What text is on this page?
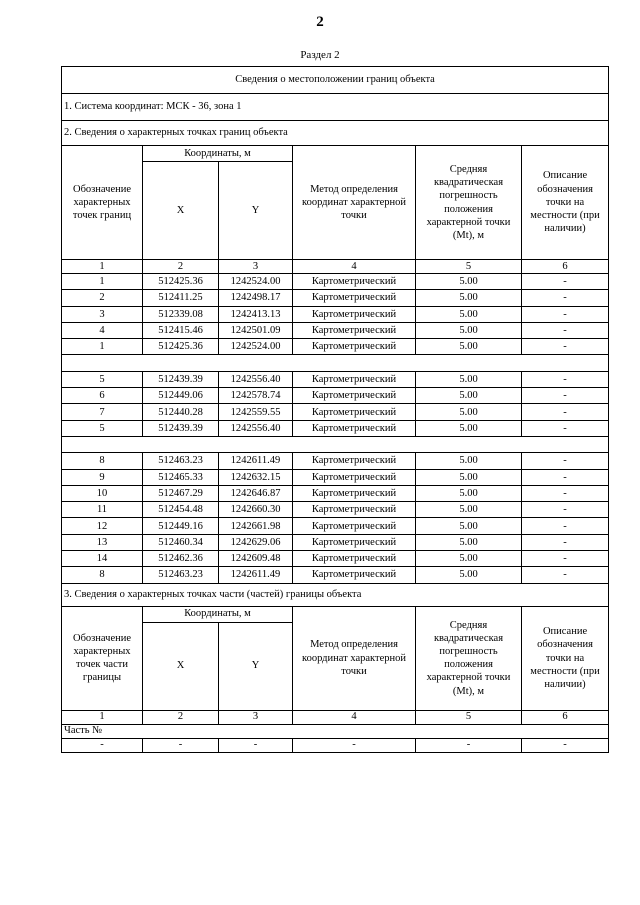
2
Раздел 2
Сведения о местоположении границ объекта					
1. Система координат: МСК - 36, зона 1					
2. Сведения о характерных точках границ объекта					
Обозначение характерных точек границ	Координаты, м		Метод определения координат характерной точки	Средняя квадратическая погрешность положения характерной точки (Mt), м	Описание обозначения точки на местности (при наличии)
	X	Y			
1	2	3	4	5	6
1	512425.36	1242524.00	Картометрический	5.00	-
2	512411.25	1242498.17	Картометрический	5.00	-
3	512339.08	1242413.13	Картометрический	5.00	-
4	512415.46	1242501.09	Картометрический	5.00	-
1	512425.36	1242524.00	Картометрический	5.00	-

5	512439.39	1242556.40	Картометрический	5.00	-
6	512449.06	1242578.74	Картометрический	5.00	-
7	512440.28	1242559.55	Картометрический	5.00	-
5	512439.39	1242556.40	Картометрический	5.00	-

8	512463.23	1242611.49	Картометрический	5.00	-
9	512465.33	1242632.15	Картометрический	5.00	-
10	512467.29	1242646.87	Картометрический	5.00	-
11	512454.48	1242660.30	Картометрический	5.00	-
12	512449.16	1242661.98	Картометрический	5.00	-
13	512460.34	1242629.06	Картометрический	5.00	-
14	512462.36	1242609.48	Картометрический	5.00	-
8	512463.23	1242611.49	Картометрический	5.00	-
3. Сведения о характерных точках части (частей) границы объекта					
Обозначение характерных точек части границы	Координаты, м		Метод определения координат характерной точки	Средняя квадратическая погрешность положения характерной точки (Mt), м	Описание обозначения точки на местности (при наличии)
	X	Y			
1	2	3	4	5	6
Часть №					
-	-	-	-	-	-
